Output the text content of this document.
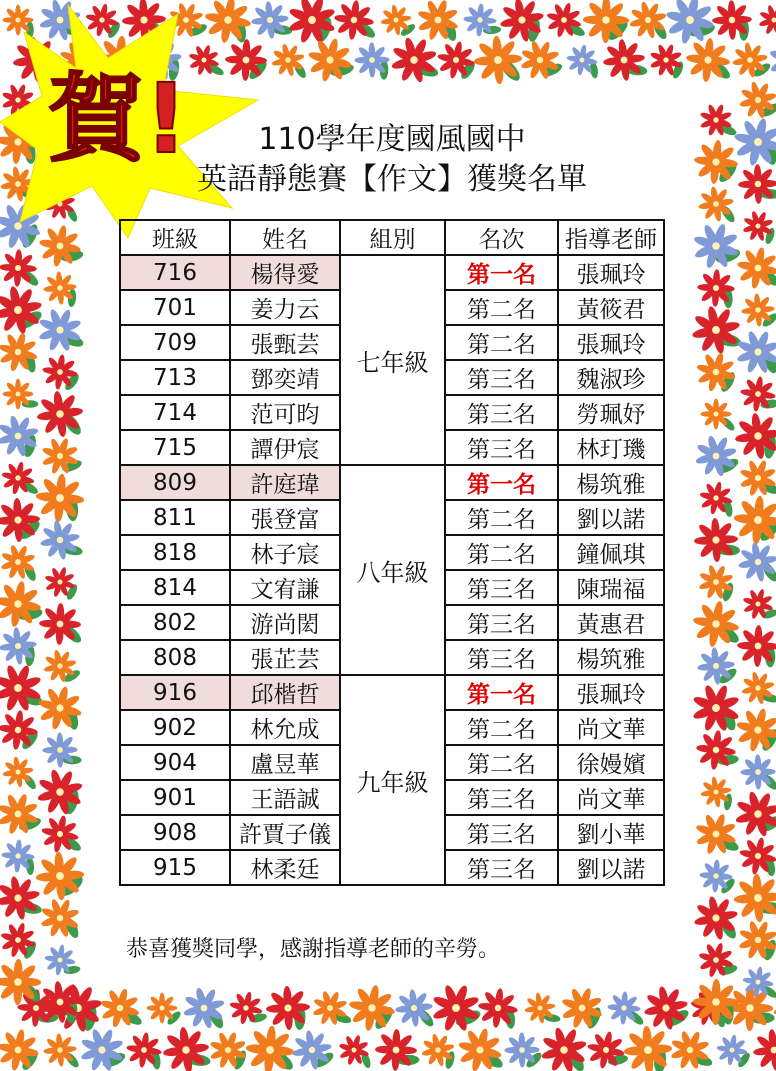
賀!	110學年度國風國中

英語靜態賽【作文】獲獎名單

班級	姓名	組別	名次	指導老師
716	楊得愛	七年級	第一名	張珮玲
701	姜力云		第二名	黃筱君
709	張甄芸		第二名	張珮玲
713	鄧奕靖		第三名	魏淑珍
714	范可昀		第三名	勞珮妤
715	譚伊宸		第三名	林玎璣
809	許庭瑋	八年級	第一名	楊筑雅
811	張登富		第二名	劉以諾
818	林子宸		第二名	鐘佩琪
814	文宥謙		第三名	陳瑞福
802	游尚閎		第三名	黃惠君
808	張芷芸		第三名	楊筑雅
916	邱楷哲	九年級	第一名	張珮玲
902	林允成		第二名	尚文華
904	盧昱華		第二名	徐嫚嬪
901	王語誠		第三名	尚文華
908	許賈子儀		第三名	劉小華
915	林柔廷		第三名	劉以諾

恭喜獲獎同學，感謝指導老師的辛勞。
